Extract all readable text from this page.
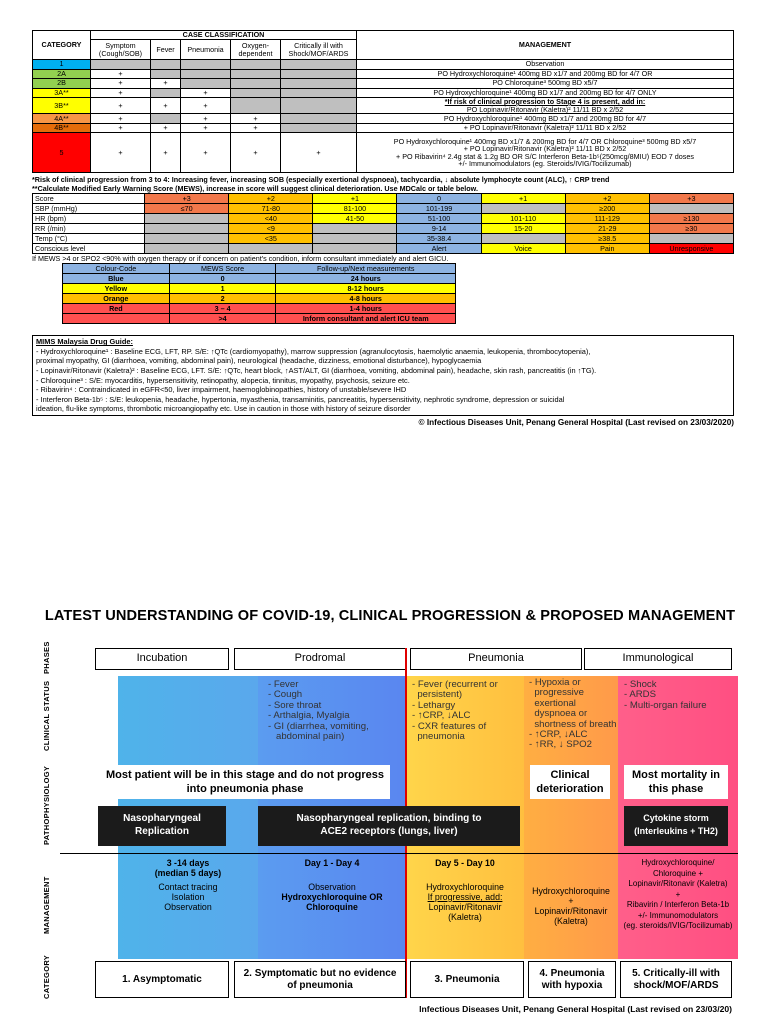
CATEGORY	CASE CLASSIFICATION					MANAGEMENT
	Symptom (Cough/SOB)	Fever	Pneumonia	Oxygen-dependent	Critically ill with Shock/MOF/ARDS	
1						Observation

2A	+					PO Hydroxychloroquine¹ 400mg BD x1/7 and 200mg BD for 4/7 OR

2B	+	+				PO Chloroquine³ 500mg BD x5/7

3A**	+		+			PO Hydroxychloroquine¹ 400mg BD x1/7 and 200mg BD for 4/7 ONLY

3B**	+	+	+			*If risk of clinical progression to Stage 4 is present, add in:
PO Lopinavir/Ritonavir (Kaletra)² 11/11 BD x 2/52

4A**	+		+	+		PO Hydroxychloroquine¹ 400mg BD x1/7 and 200mg BD for 4/7

4B**	+	+	+	+		+ PO Lopinavir/Ritonavir (Kaletra)² 11/11 BD x 2/52

5	+	+	+	+	+	PO Hydroxychloroquine¹ 400mg BD x1/7 & 200mg BD for 4/7 OR Chloroquine³ 500mg BD x5/7
+ PO Lopinavir/Ritonavir (Kaletra)² 11/11 BD x 2/52
+ PO Ribavirin⁴ 2.4g stat & 1.2g BD OR S/C Interferon Beta-1b⁵(250mcg/8MIU) EOD 7 doses
+/- Immunomodulators (eg. Steroids/IVIG/Tocilizumab)
*Risk of clinical progression from 3 to 4: Increasing fever, increasing SOB (especially exertional dyspnoea), tachycardia, ↓ absolute lymphocyte count (ALC), ↑ CRP trend
**Calculate Modified Early Warning Score (MEWS), increase in score will suggest clinical deterioration. Use MDCalc or table below.
Score	+3	+2	+1	0	+1	+2	+3
SBP (mmHg)	≤70	71-80	81-100	101-199		≥200	
HR (bpm)		<40	41-50	51-100	101-110	111-129	≥130
RR (/min)		<9		9-14	15-20	21-29	≥30
Temp (°C)		<35		35-38.4		≥38.5	
Conscious level				Alert	Voice	Pain	Unresponsive
If MEWS >4 or SPO2 <90% with oxygen therapy or if concern on patient's condition, inform consultant immediately and alert GICU.
Colour-Code	MEWS Score	Follow-up/Next measurements
Blue	0	24 hours
Yellow	1	8-12 hours
Orange	2	4-8 hours
Red	3 – 4	1-4 hours
	>4	Inform consultant and alert ICU team
MIMS Malaysia Drug Guide:
- Hydroxychloroquine¹ : Baseline ECG, LFT, RP. S/E: ↑QTc (cardiomyopathy), marrow suppression (agranulocytosis, haemolytic anaemia, leukopenia, thrombocytopenia),
proximal myopathy, GI (diarrhoea, vomiting, abdominal pain), neurological (headache, dizziness, emotional disturbance), hypoglycaemia
- Lopinavir/Ritonavir (Kaletra)² : Baseline ECG, LFT. S/E: ↑QTc, heart block, ↑AST/ALT, GI (diarrhoea, vomiting, abdominal pain), headache, skin rash, pancreatitis (in ↑TG).
- Chloroquine³ : S/E: myocarditis, hypersensitivity, retinopathy, alopecia, tinnitus, myopathy, psychosis, seizure etc.
- Ribavirin⁴ : Contraindicated in eGFR<50, liver impairment, haemoglobinopathies, history of unstable/severe IHD
- Interferon Beta-1b⁵ : S/E: leukopenia, headache, hypertonia, myasthenia, transaminitis, pancreatitis, hypersensitivity, nephrotic syndrome, depression or suicidal
ideation, flu-like symptoms, thrombotic microangiopathy etc. Use in caution in those with history of seizure disorder
© Infectious Diseases Unit, Penang General Hospital (Last revised on 23/03/2020)
LATEST UNDERSTANDING OF COVID-19, CLINICAL PROGRESSION & PROPOSED MANAGEMENT
PHASES
CLINICAL STATUS
PATHOPHYSIOLOGY
MANAGEMENT
CATEGORY
Incubation	Prodromal	Pneumonia	Immunological
- Fever
- Cough
- Sore throat
- Arthalgia, Myalgia
- GI (diarrhea, vomiting,
abdominal pain)
- Fever (recurrent or
persistent)
- Lethargy
- ↑CRP, ↓ALC
- CXR features of
pneumonia
- Hypoxia or
progressive
exertional
dyspnoea or
shortness of breath
- ↑CRP, ↓ALC
- ↑RR, ↓ SPO2
- Shock
- ARDS
- Multi-organ failure
Most patient will be in this stage and do not progress into pneumonia phase
Clinical deterioration
Most mortality in this phase
Nasopharyngeal Replication
Nasopharyngeal replication, binding to ACE2 receptors (lungs, liver)
Cytokine storm (Interleukins + TH2)
3 -14 days
(median 5 days)
Contact tracing
Isolation
Observation
Day 1 - Day 4
Observation
Hydroxychloroquine OR
Chloroquine
Day 5 - Day 10
Hydroxychloroquine
If progressive, add:
Lopinavir/Ritonavir
(Kaletra)
Hydroxychloroquine
+
Lopinavir/Ritonavir
(Kaletra)
Hydroxychloroquine/
Chloroquine +
Lopinavir/Ritonavir (Kaletra)
+
Ribavirin / Interferon Beta-1b
+/- Immunomodulators
(eg. steroids/IVIG/Tocilizumab)
1. Asymptomatic
2. Symptomatic but no evidence of pneumonia
3. Pneumonia
4. Pneumonia with hypoxia
5. Critically-ill with shock/MOF/ARDS
Infectious Diseases Unit, Penang General Hospital (Last revised on 23/03/20)
